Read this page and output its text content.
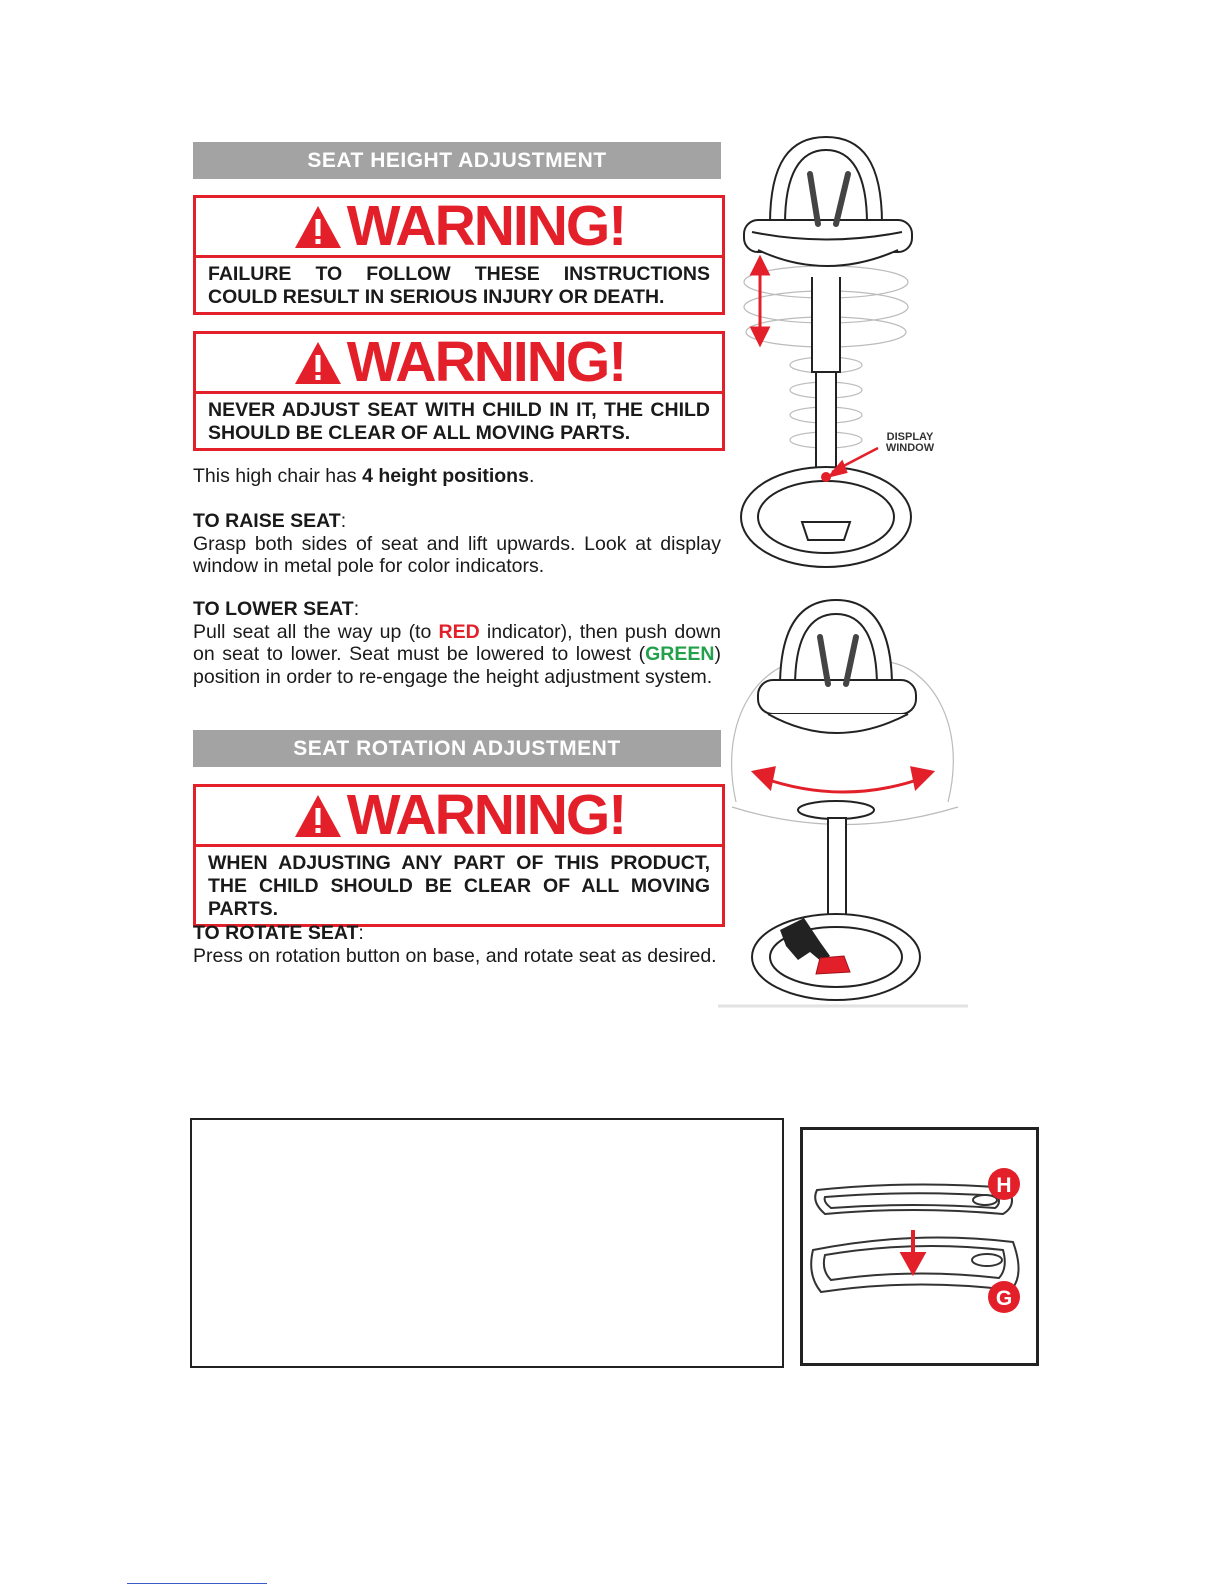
SEAT HEIGHT ADJUSTMENT
WARNING!
FAILURE TO FOLLOW THESE INSTRUCTIONS COULD RESULT IN SERIOUS INJURY OR DEATH.
WARNING!
NEVER ADJUST SEAT WITH CHILD IN IT, THE CHILD SHOULD BE CLEAR OF ALL MOVING PARTS.

This high chair has 4 height positions.

TO RAISE SEAT:

Grasp both sides of seat and lift upwards. Look at display window in metal pole for color indicators.

TO LOWER SEAT:

Pull seat all the way up (to RED indicator), then push down on seat to lower. Seat must be lowered to lowest (GREEN) position in order to re-engage the height adjustment system.

SEAT ROTATION ADJUSTMENT
WARNING!
WHEN ADJUSTING ANY PART OF THIS PRODUCT, THE CHILD SHOULD BE CLEAR OF ALL MOVING PARTS.

TO ROTATE SEAT:

Press on rotation button on base, and rotate seat as desired.

DISPLAY
WINDOW
H
G
